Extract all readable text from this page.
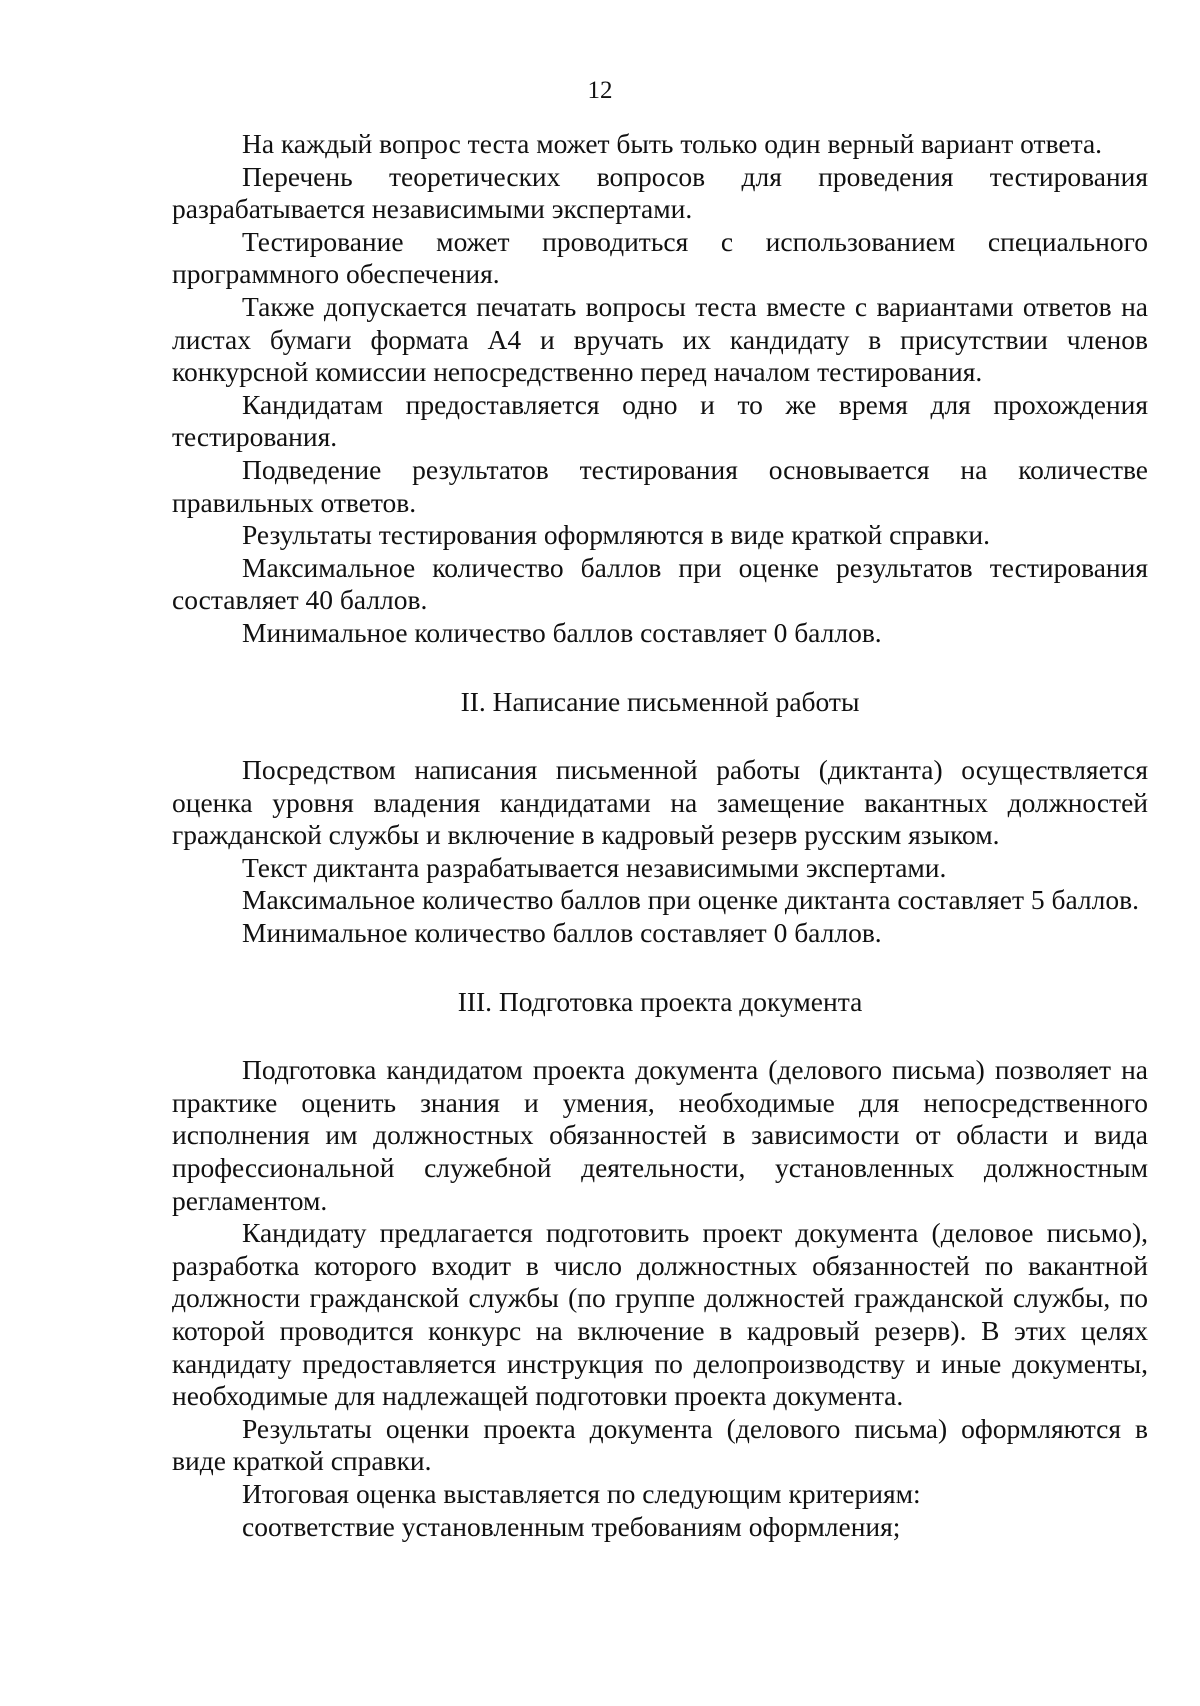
12

На каждый вопрос теста может быть только один верный вариант ответа.

Перечень теоретических вопросов для проведения тестирования разрабатывается независимыми экспертами.

Тестирование может проводиться с использованием специального программного обеспечения.

Также допускается печатать вопросы теста вместе с вариантами ответов на листах бумаги формата А4 и вручать их кандидату в присутствии членов конкурсной комиссии непосредственно перед началом тестирования.

Кандидатам предоставляется одно и то же время для прохождения тестирования.

Подведение результатов тестирования основывается на количестве правильных ответов.

Результаты тестирования оформляются в виде краткой справки.

Максимальное количество баллов при оценке результатов тестирования составляет 40 баллов.

Минимальное количество баллов составляет 0 баллов.

II. Написание письменной работы

Посредством написания письменной работы (диктанта) осуществляется оценка уровня владения кандидатами на замещение вакантных должностей гражданской службы и включение в кадровый резерв русским языком.

Текст диктанта разрабатывается независимыми экспертами.

Максимальное количество баллов при оценке диктанта составляет 5 баллов.

Минимальное количество баллов составляет 0 баллов.

III. Подготовка проекта документа

Подготовка кандидатом проекта документа (делового письма) позволяет на практике оценить знания и умения, необходимые для непосредственного исполнения им должностных обязанностей в зависимости от области и вида профессиональной служебной деятельности, установленных должностным регламентом.

Кандидату предлагается подготовить проект документа (деловое письмо), разработка которого входит в число должностных обязанностей по вакантной должности гражданской службы (по группе должностей гражданской службы, по которой проводится конкурс на включение в кадровый резерв). В этих целях кандидату предоставляется инструкция по делопроизводству и иные документы, необходимые для надлежащей подготовки проекта документа.

Результаты оценки проекта документа (делового письма) оформляются в виде краткой справки.

Итоговая оценка выставляется по следующим критериям:

соответствие установленным требованиям оформления;
